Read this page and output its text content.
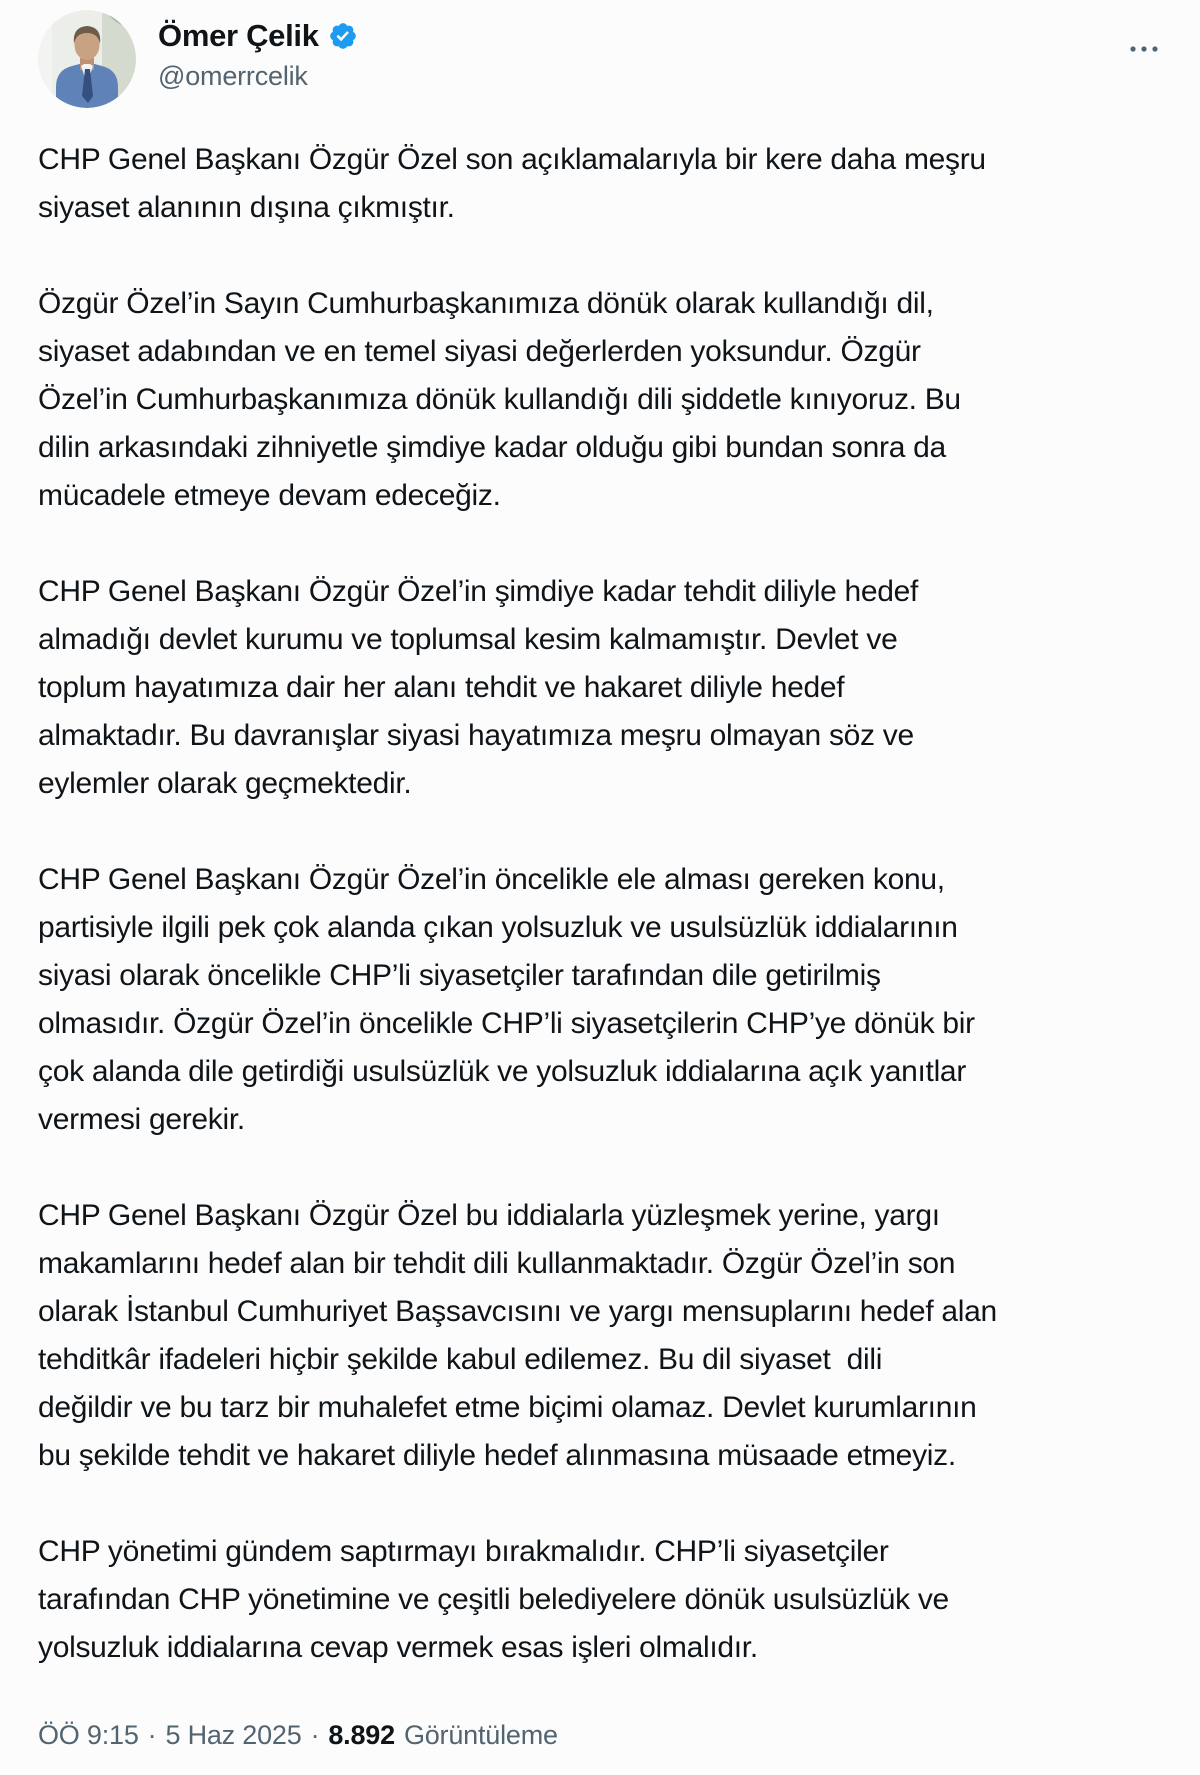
Ömer Çelik
@omerrcelik

CHP Genel Başkanı Özgür Özel son açıklamalarıyla bir kere daha meşru
siyaset alanının dışına çıkmıştır.

Özgür Özel’in Sayın Cumhurbaşkanımıza dönük olarak kullandığı dil,
siyaset adabından ve en temel siyasi değerlerden yoksundur. Özgür
Özel’in Cumhurbaşkanımıza dönük kullandığı dili şiddetle kınıyoruz. Bu
dilin arkasındaki zihniyetle şimdiye kadar olduğu gibi bundan sonra da
mücadele etmeye devam edeceğiz.

CHP Genel Başkanı Özgür Özel’in şimdiye kadar tehdit diliyle hedef
almadığı devlet kurumu ve toplumsal kesim kalmamıştır. Devlet ve
toplum hayatımıza dair her alanı tehdit ve hakaret diliyle hedef
almaktadır. Bu davranışlar siyasi hayatımıza meşru olmayan söz ve
eylemler olarak geçmektedir.

CHP Genel Başkanı Özgür Özel’in öncelikle ele alması gereken konu,
partisiyle ilgili pek çok alanda çıkan yolsuzluk ve usulsüzlük iddialarının
siyasi olarak öncelikle CHP’li siyasetçiler tarafından dile getirilmiş
olmasıdır. Özgür Özel’in öncelikle CHP’li siyasetçilerin CHP’ye dönük bir
çok alanda dile getirdiği usulsüzlük ve yolsuzluk iddialarına açık yanıtlar
vermesi gerekir.

CHP Genel Başkanı Özgür Özel bu iddialarla yüzleşmek yerine, yargı
makamlarını hedef alan bir tehdit dili kullanmaktadır. Özgür Özel’in son
olarak İstanbul Cumhuriyet Başsavcısını ve yargı mensuplarını hedef alan
tehditkâr ifadeleri hiçbir şekilde kabul edilemez. Bu dil siyaset  dili
değildir ve bu tarz bir muhalefet etme biçimi olamaz. Devlet kurumlarının
bu şekilde tehdit ve hakaret diliyle hedef alınmasına müsaade etmeyiz.

CHP yönetimi gündem saptırmayı bırakmalıdır. CHP’li siyasetçiler
tarafından CHP yönetimine ve çeşitli belediyelere dönük usulsüzlük ve
yolsuzluk iddialarına cevap vermek esas işleri olmalıdır.

ÖÖ 9:15 · 5 Haz 2025 · 8.892 Görüntüleme
